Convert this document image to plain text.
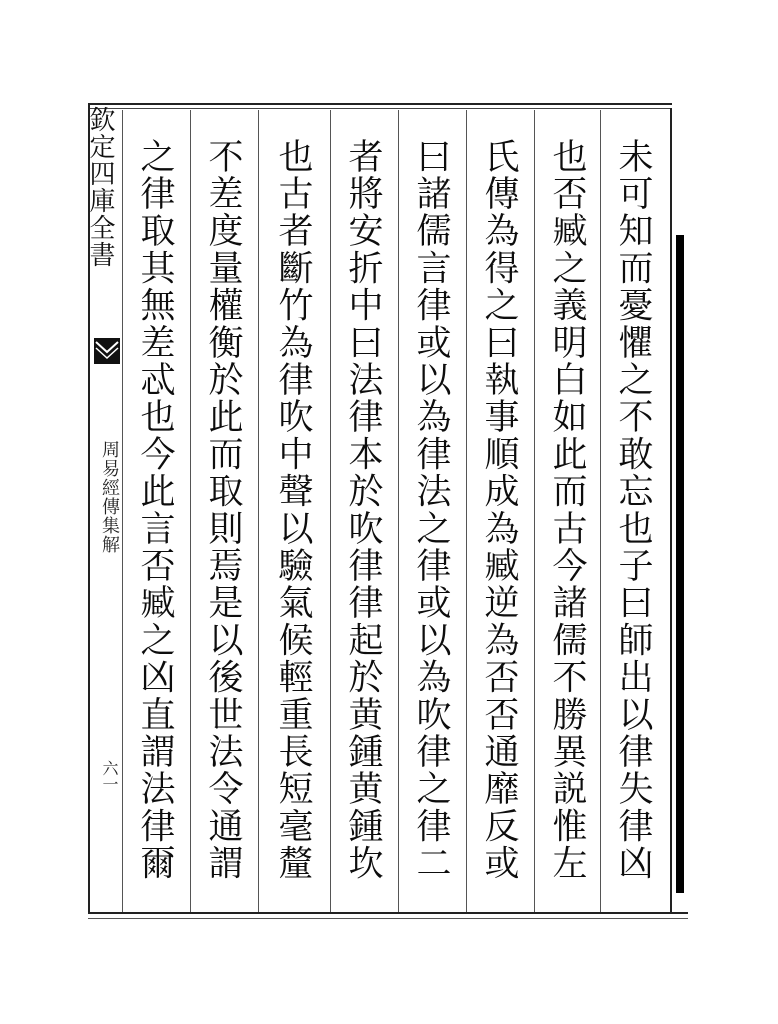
欽定四庫全書
周易經傳集解
六一	未可知而憂懼之不敢忘也子曰師出以律失律凶
也否臧之義明白如此而古今諸儒不勝異説惟左
氏傳為得之曰執事順成為臧逆為否否通靡反或
曰諸儒言律或以為律法之律或以為吹律之律二
者將安折中曰法律本於吹律律起於黄鍾黄鍾坎
也古者斷竹為律吹中聲以驗氣候輕重長短毫釐
不差度量權衡於此而取則焉是以後世法令通謂
之律取其無差忒也今此言否臧之凶直謂法律爾
